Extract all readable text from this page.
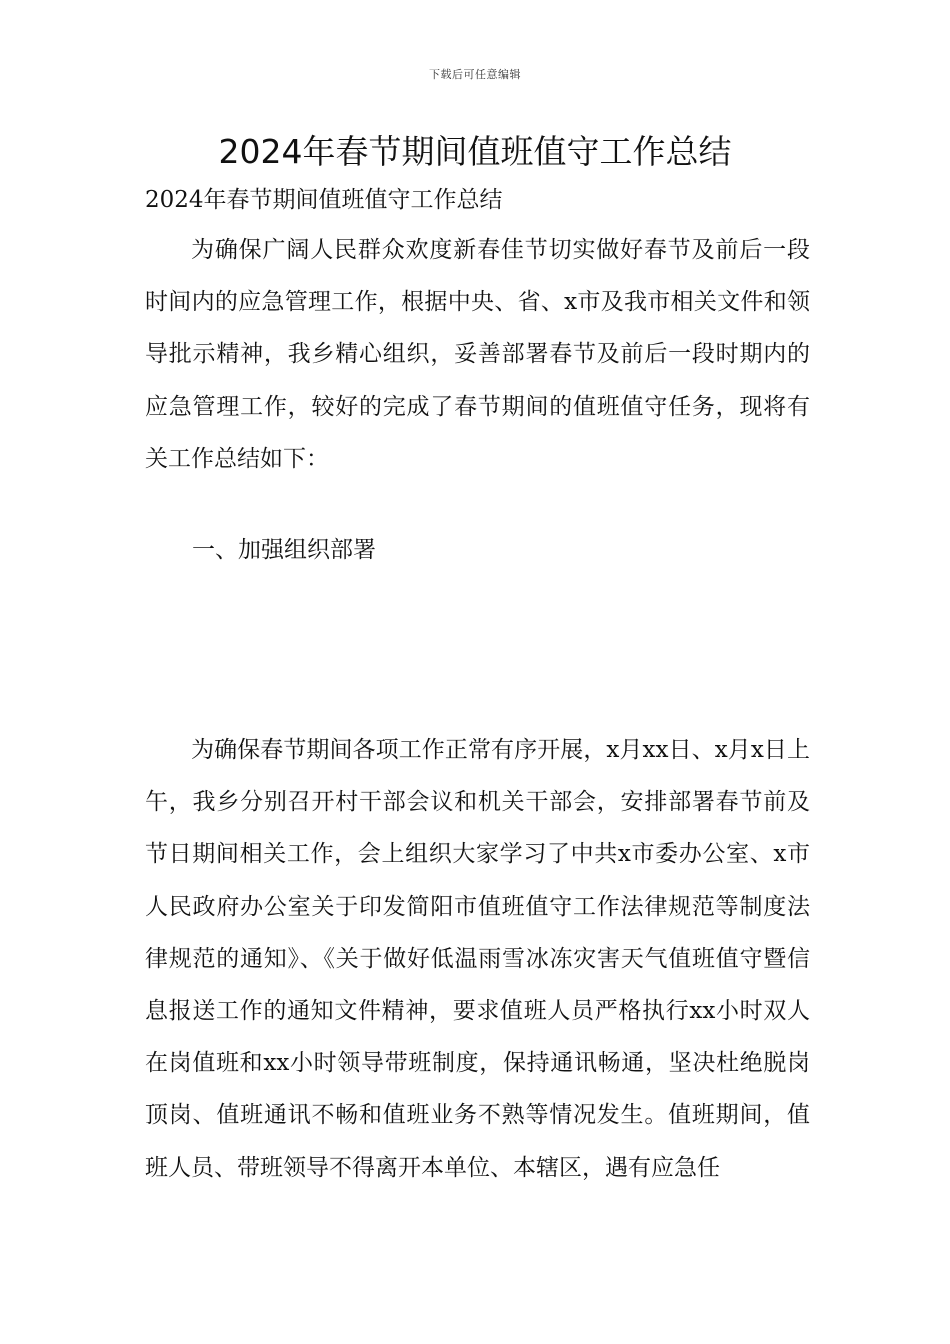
下载后可任意编辑
2024年春节期间值班值守工作总结
2024年春节期间值班值守工作总结

为确保广阔人民群众欢度新春佳节切实做好春节及前后一段时间内的应急管理工作，根据中央、省、x市及我市相关文件和领导批示精神，我乡精心组织，妥善部署春节及前后一段时期内的应急管理工作，较好的完成了春节期间的值班值守任务，现将有关工作总结如下：

一、加强组织部署

为确保春节期间各项工作正常有序开展，x月xx日、x月x日上午，我乡分别召开村干部会议和机关干部会，安排部署春节前及节日期间相关工作，会上组织大家学习了中共x市委办公室、x市人民政府办公室关于印发简阳市值班值守工作法律规范等制度法律规范的通知》、《关于做好低温雨雪冰冻灾害天气值班值守暨信息报送工作的通知文件精神，要求值班人员严格执行xx小时双人在岗值班和xx小时领导带班制度，保持通讯畅通，坚决杜绝脱岗顶岗、值班通讯不畅和值班业务不熟等情况发生。值班期间，值班人员、带班领导不得离开本单位、本辖区，遇有应急任
